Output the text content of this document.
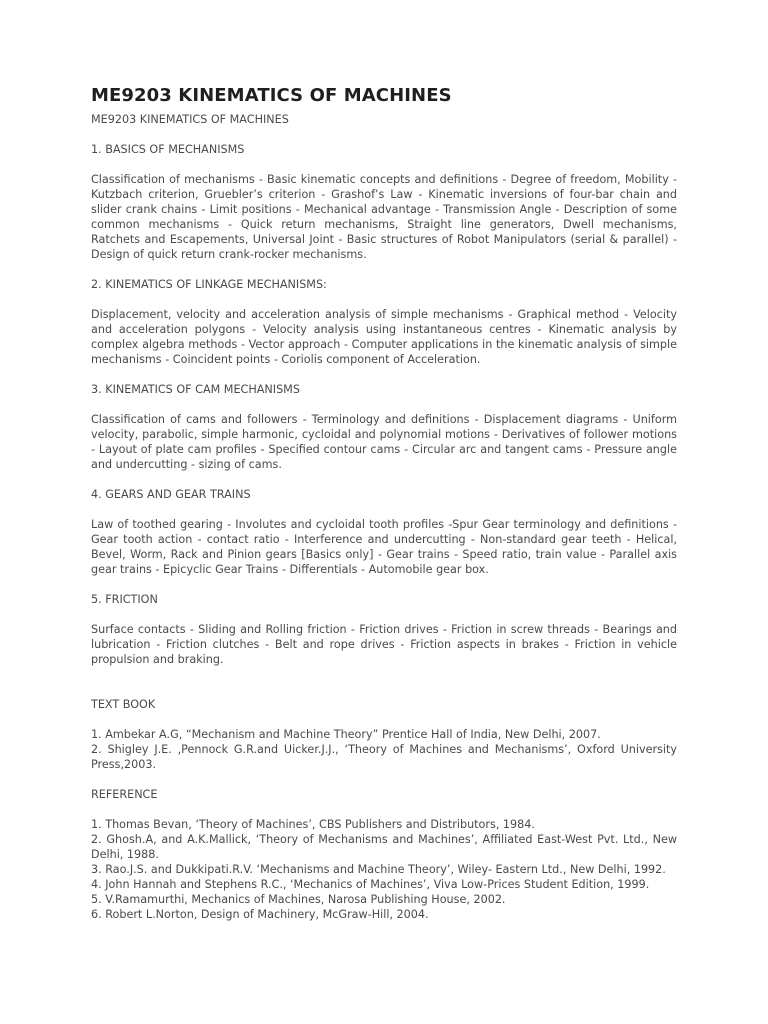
ME9203 KINEMATICS OF MACHINES

ME9203 KINEMATICS OF MACHINES

1. BASICS OF MECHANISMS

Classification of mechanisms - Basic kinematic concepts and definitions - Degree of freedom, Mobility - Kutzbach criterion, Gruebler’s criterion - Grashof’s Law - Kinematic inversions of four-bar chain and slider crank chains - Limit positions - Mechanical advantage - Transmission Angle - Description of some common mechanisms - Quick return mechanisms, Straight line generators, Dwell mechanisms, Ratchets and Escapements, Universal Joint - Basic structures of Robot Manipulators (serial & parallel) - Design of quick return crank-rocker mechanisms.

2. KINEMATICS OF LINKAGE MECHANISMS:

Displacement, velocity and acceleration analysis of simple mechanisms - Graphical method - Velocity and acceleration polygons - Velocity analysis using instantaneous centres - Kinematic analysis by complex algebra methods - Vector approach - Computer applications in the kinematic analysis of simple mechanisms - Coincident points - Coriolis component of Acceleration.

3. KINEMATICS OF CAM MECHANISMS

Classification of cams and followers - Terminology and definitions - Displacement diagrams - Uniform velocity, parabolic, simple harmonic, cycloidal and polynomial motions - Derivatives of follower motions - Layout of plate cam profiles - Specified contour cams - Circular arc and tangent cams - Pressure angle and undercutting - sizing of cams.

4. GEARS AND GEAR TRAINS

Law of toothed gearing - Involutes and cycloidal tooth profiles -Spur Gear terminology and definitions - Gear tooth action - contact ratio - Interference and undercutting - Non-standard gear teeth - Helical, Bevel, Worm, Rack and Pinion gears [Basics only] - Gear trains - Speed ratio, train value - Parallel axis gear trains - Epicyclic Gear Trains - Differentials - Automobile gear box.

5. FRICTION

Surface contacts - Sliding and Rolling friction - Friction drives - Friction in screw threads - Bearings and lubrication - Friction clutches - Belt and rope drives - Friction aspects in brakes - Friction in vehicle propulsion and braking.

TEXT BOOK

1. Ambekar A.G, “Mechanism and Machine Theory” Prentice Hall of India, New Delhi, 2007.
2. Shigley J.E. ,Pennock G.R.and Uicker.J.J., ‘Theory of Machines and Mechanisms’, Oxford University Press,2003.

REFERENCE

1. Thomas Bevan, ‘Theory of Machines’, CBS Publishers and Distributors, 1984.
2. Ghosh.A, and A.K.Mallick, ‘Theory of Mechanisms and Machines’, Affiliated East-West Pvt. Ltd., New Delhi, 1988.
3. Rao.J.S. and Dukkipati.R.V. ‘Mechanisms and Machine Theory’, Wiley- Eastern Ltd., New Delhi, 1992.
4. John Hannah and Stephens R.C., ‘Mechanics of Machines’, Viva Low-Prices Student Edition, 1999.
5. V.Ramamurthi, Mechanics of Machines, Narosa Publishing House, 2002.
6. Robert L.Norton, Design of Machinery, McGraw-Hill, 2004.
